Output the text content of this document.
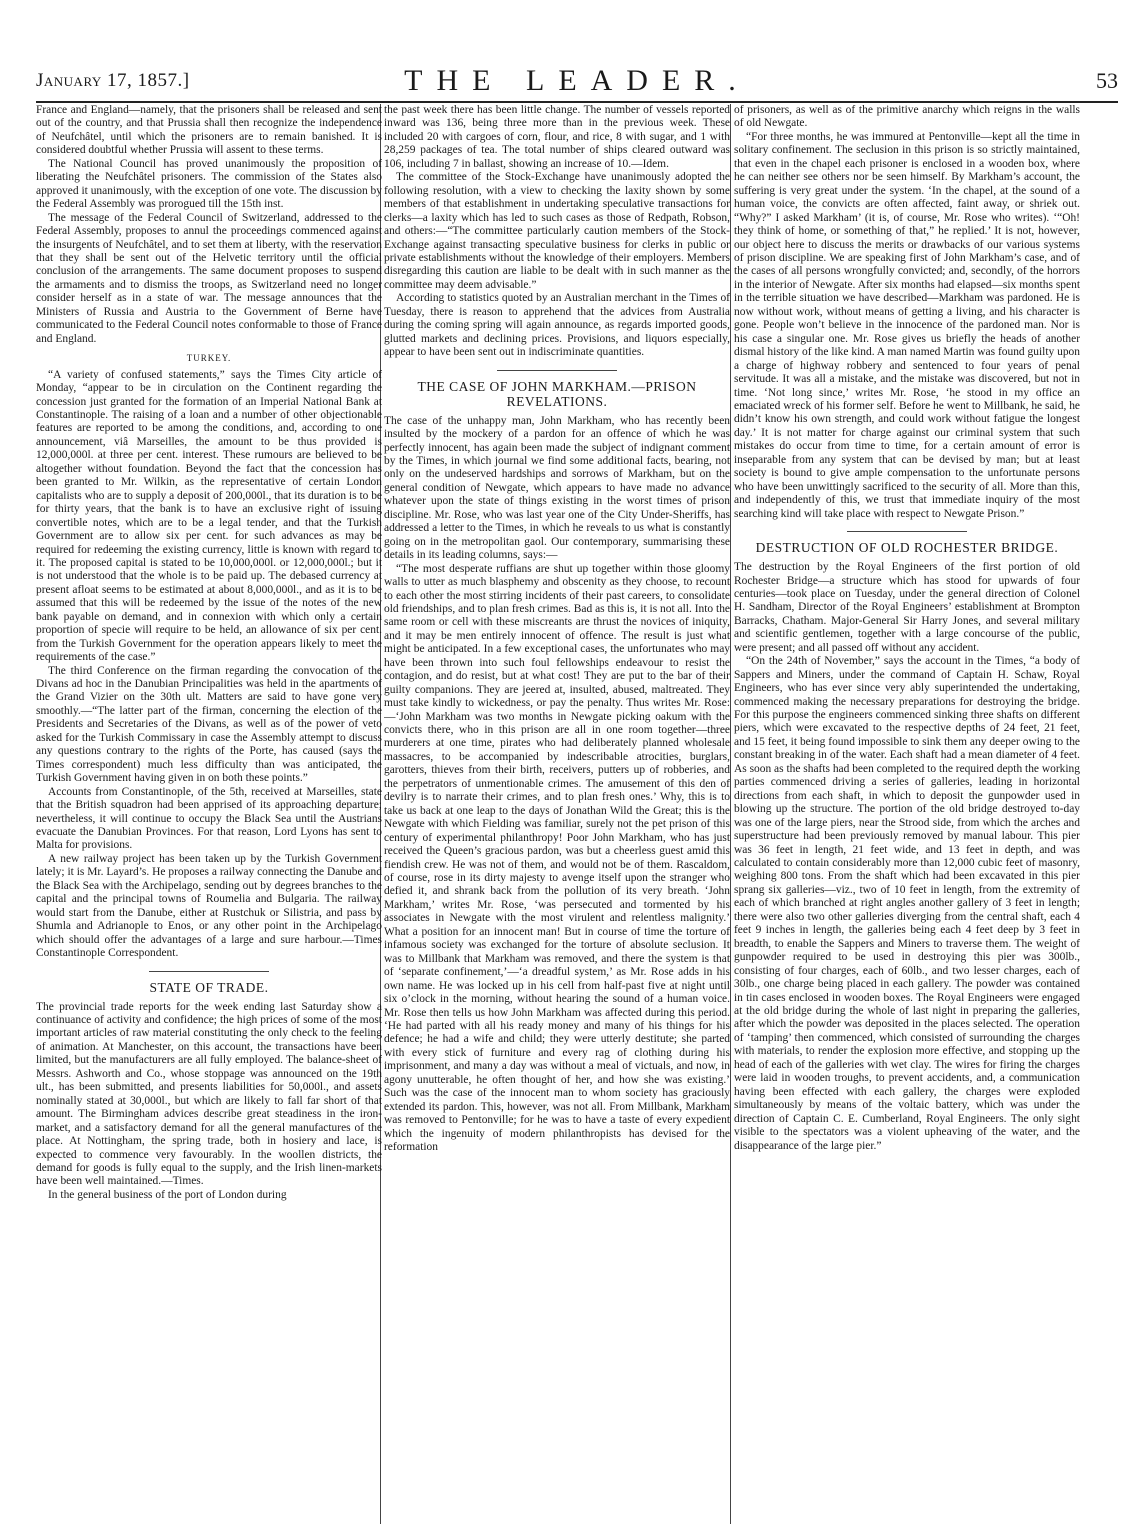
January 17, 1857.]	THE LEADER.	53

France and England—namely, that the prisoners shall be released and sent out of the country, and that Prussia shall then recognize the independence of Neufchâtel, until which the prisoners are to remain banished. It is considered doubtful whether Prussia will assent to these terms.

The National Council has proved unanimously the proposition of liberating the Neufchâtel prisoners. The commission of the States also approved it unanimously, with the exception of one vote. The discussion by the Federal Assembly was prorogued till the 15th inst.

The message of the Federal Council of Switzerland, addressed to the Federal Assembly, proposes to annul the proceedings commenced against the insurgents of Neufchâtel, and to set them at liberty, with the reservation that they shall be sent out of the Helvetic territory until the official conclusion of the arrangements. The same document proposes to suspend the armaments and to dismiss the troops, as Switzerland need no longer consider herself as in a state of war. The message announces that the Ministers of Russia and Austria to the Government of Berne have communicated to the Federal Council notes conformable to those of France and England.

TURKEY.

“A variety of confused statements,” says the Times City article of Monday, “appear to be in circulation on the Continent regarding the concession just granted for the formation of an Imperial National Bank at Constantinople. The raising of a loan and a number of other objectionable features are reported to be among the conditions, and, according to one announcement, viâ Marseilles, the amount to be thus provided is 12,000,000l. at three per cent. interest. These rumours are believed to be altogether without foundation. Beyond the fact that the concession has been granted to Mr. Wilkin, as the representative of certain London capitalists who are to supply a deposit of 200,000l., that its duration is to be for thirty years, that the bank is to have an exclusive right of issuing convertible notes, which are to be a legal tender, and that the Turkish Government are to allow six per cent. for such advances as may be required for redeeming the existing currency, little is known with regard to it. The proposed capital is stated to be 10,000,000l. or 12,000,000l.; but it is not understood that the whole is to be paid up. The debased currency at present afloat seems to be estimated at about 8,000,000l., and as it is to be assumed that this will be redeemed by the issue of the notes of the new bank payable on demand, and in connexion with which only a certain proportion of specie will require to be held, an allowance of six per cent. from the Turkish Government for the operation appears likely to meet the requirements of the case.”

The third Conference on the firman regarding the convocation of the Divans ad hoc in the Danubian Principalities was held in the apartments of the Grand Vizier on the 30th ult. Matters are said to have gone very smoothly.—“The latter part of the firman, concerning the election of the Presidents and Secretaries of the Divans, as well as of the power of veto asked for the Turkish Commissary in case the Assembly attempt to discuss any questions contrary to the rights of the Porte, has caused (says the Times correspondent) much less difficulty than was anticipated, the Turkish Government having given in on both these points.”

Accounts from Constantinople, of the 5th, received at Marseilles, state that the British squadron had been apprised of its approaching departure; nevertheless, it will continue to occupy the Black Sea until the Austrians evacuate the Danubian Provinces. For that reason, Lord Lyons has sent to Malta for provisions.

A new railway project has been taken up by the Turkish Government lately; it is Mr. Layard’s. He proposes a railway connecting the Danube and the Black Sea with the Archipelago, sending out by degrees branches to the capital and the principal towns of Roumelia and Bulgaria. The railway would start from the Danube, either at Rustchuk or Silistria, and pass by Shumla and Adrianople to Enos, or any other point in the Archipelago which should offer the advantages of a large and sure harbour.—Times Constantinople Correspondent.

STATE OF TRADE.

The provincial trade reports for the week ending last Saturday show a continuance of activity and confidence; the high prices of some of the most important articles of raw material constituting the only check to the feeling of animation. At Manchester, on this account, the transactions have been limited, but the manufacturers are all fully employed. The balance-sheet of Messrs. Ashworth and Co., whose stoppage was announced on the 19th ult., has been submitted, and presents liabilities for 50,000l., and assets nominally stated at 30,000l., but which are likely to fall far short of that amount. The Birmingham advices describe great steadiness in the iron-market, and a satisfactory demand for all the general manufactures of the place. At Nottingham, the spring trade, both in hosiery and lace, is expected to commence very favourably. In the woollen districts, the demand for goods is fully equal to the supply, and the Irish linen-markets have been well maintained.—Times.

In the general business of the port of London during

the past week there has been little change. The number of vessels reported inward was 136, being three more than in the previous week. These included 20 with cargoes of corn, flour, and rice, 8 with sugar, and 1 with 28,259 packages of tea. The total number of ships cleared outward was 106, including 7 in ballast, showing an increase of 10.—Idem.

The committee of the Stock-Exchange have unanimously adopted the following resolution, with a view to checking the laxity shown by some members of that establishment in undertaking speculative transactions for clerks—a laxity which has led to such cases as those of Redpath, Robson, and others:—“The committee particularly caution members of the Stock-Exchange against transacting speculative business for clerks in public or private establishments without the knowledge of their employers. Members disregarding this caution are liable to be dealt with in such manner as the committee may deem advisable.”

According to statistics quoted by an Australian merchant in the Times of Tuesday, there is reason to apprehend that the advices from Australia during the coming spring will again announce, as regards imported goods, glutted markets and declining prices. Provisions, and liquors especially, appear to have been sent out in indiscriminate quantities.

THE CASE OF JOHN MARKHAM.—PRISON REVELATIONS.

The case of the unhappy man, John Markham, who has recently been insulted by the mockery of a pardon for an offence of which he was perfectly innocent, has again been made the subject of indignant comment by the Times, in which journal we find some additional facts, bearing, not only on the undeserved hardships and sorrows of Markham, but on the general condition of Newgate, which appears to have made no advance whatever upon the state of things existing in the worst times of prison discipline. Mr. Rose, who was last year one of the City Under-Sheriffs, has addressed a letter to the Times, in which he reveals to us what is constantly going on in the metropolitan gaol. Our contemporary, summarising these details in its leading columns, says:—

“The most desperate ruffians are shut up together within those gloomy walls to utter as much blasphemy and obscenity as they choose, to recount to each other the most stirring incidents of their past careers, to consolidate old friendships, and to plan fresh crimes. Bad as this is, it is not all. Into the same room or cell with these miscreants are thrust the novices of iniquity, and it may be men entirely innocent of offence. The result is just what might be anticipated. In a few exceptional cases, the unfortunates who may have been thrown into such foul fellowships endeavour to resist the contagion, and do resist, but at what cost! They are put to the bar of their guilty companions. They are jeered at, insulted, abused, maltreated. They must take kindly to wickedness, or pay the penalty. Thus writes Mr. Rose:—‘John Markham was two months in Newgate picking oakum with the convicts there, who in this prison are all in one room together—three murderers at one time, pirates who had deliberately planned wholesale massacres, to be accompanied by indescribable atrocities, burglars, garotters, thieves from their birth, receivers, putters up of robberies, and the perpetrators of unmentionable crimes. The amusement of this den of devilry is to narrate their crimes, and to plan fresh ones.’ Why, this is to take us back at one leap to the days of Jonathan Wild the Great; this is the Newgate with which Fielding was familiar, surely not the pet prison of this century of experimental philanthropy! Poor John Markham, who has just received the Queen’s gracious pardon, was but a cheerless guest amid this fiendish crew. He was not of them, and would not be of them. Rascaldom, of course, rose in its dirty majesty to avenge itself upon the stranger who defied it, and shrank back from the pollution of its very breath. ‘John Markham,’ writes Mr. Rose, ‘was persecuted and tormented by his associates in Newgate with the most virulent and relentless malignity.’ What a position for an innocent man! But in course of time the torture of infamous society was exchanged for the torture of absolute seclusion. It was to Millbank that Markham was removed, and there the system is that of ‘separate confinement,’—‘a dreadful system,’ as Mr. Rose adds in his own name. He was locked up in his cell from half-past five at night until six o’clock in the morning, without hearing the sound of a human voice. Mr. Rose then tells us how John Markham was affected during this period. ‘He had parted with all his ready money and many of his things for his defence; he had a wife and child; they were utterly destitute; she parted with every stick of furniture and every rag of clothing during his imprisonment, and many a day was without a meal of victuals, and now, in agony unutterable, he often thought of her, and how she was existing.’ Such was the case of the innocent man to whom society has graciously extended its pardon. This, however, was not all. From Millbank, Markham was removed to Pentonville; for he was to have a taste of every expedient which the ingenuity of modern philanthropists has devised for the reformation

of prisoners, as well as of the primitive anarchy which reigns in the walls of old Newgate.

“For three months, he was immured at Pentonville—kept all the time in solitary confinement. The seclusion in this prison is so strictly maintained, that even in the chapel each prisoner is enclosed in a wooden box, where he can neither see others nor be seen himself. By Markham’s account, the suffering is very great under the system. ‘In the chapel, at the sound of a human voice, the convicts are often affected, faint away, or shriek out. “Why?” I asked Markham’ (it is, of course, Mr. Rose who writes). ‘“Oh! they think of home, or something of that,” he replied.’ It is not, however, our object here to discuss the merits or drawbacks of our various systems of prison discipline. We are speaking first of John Markham’s case, and of the cases of all persons wrongfully convicted; and, secondly, of the horrors in the interior of Newgate. After six months had elapsed—six months spent in the terrible situation we have described—Markham was pardoned. He is now without work, without means of getting a living, and his character is gone. People won’t believe in the innocence of the pardoned man. Nor is his case a singular one. Mr. Rose gives us briefly the heads of another dismal history of the like kind. A man named Martin was found guilty upon a charge of highway robbery and sentenced to four years of penal servitude. It was all a mistake, and the mistake was discovered, but not in time. ‘Not long since,’ writes Mr. Rose, ‘he stood in my office an emaciated wreck of his former self. Before he went to Millbank, he said, he didn’t know his own strength, and could work without fatigue the longest day.’ It is not matter for charge against our criminal system that such mistakes do occur from time to time, for a certain amount of error is inseparable from any system that can be devised by man; but at least society is bound to give ample compensation to the unfortunate persons who have been unwittingly sacrificed to the security of all. More than this, and independently of this, we trust that immediate inquiry of the most searching kind will take place with respect to Newgate Prison.”

DESTRUCTION OF OLD ROCHESTER BRIDGE.

The destruction by the Royal Engineers of the first portion of old Rochester Bridge—a structure which has stood for upwards of four centuries—took place on Tuesday, under the general direction of Colonel H. Sandham, Director of the Royal Engineers’ establishment at Brompton Barracks, Chatham. Major-General Sir Harry Jones, and several military and scientific gentlemen, together with a large concourse of the public, were present; and all passed off without any accident.

“On the 24th of November,” says the account in the Times, “a body of Sappers and Miners, under the command of Captain H. Schaw, Royal Engineers, who has ever since very ably superintended the undertaking, commenced making the necessary preparations for destroying the bridge. For this purpose the engineers commenced sinking three shafts on different piers, which were excavated to the respective depths of 24 feet, 21 feet, and 15 feet, it being found impossible to sink them any deeper owing to the constant breaking in of the water. Each shaft had a mean diameter of 4 feet. As soon as the shafts had been completed to the required depth the working parties commenced driving a series of galleries, leading in horizontal directions from each shaft, in which to deposit the gunpowder used in blowing up the structure. The portion of the old bridge destroyed to-day was one of the large piers, near the Strood side, from which the arches and superstructure had been previously removed by manual labour. This pier was 36 feet in length, 21 feet wide, and 13 feet in depth, and was calculated to contain considerably more than 12,000 cubic feet of masonry, weighing 800 tons. From the shaft which had been excavated in this pier sprang six galleries—viz., two of 10 feet in length, from the extremity of each of which branched at right angles another gallery of 3 feet in length; there were also two other galleries diverging from the central shaft, each 4 feet 9 inches in length, the galleries being each 4 feet deep by 3 feet in breadth, to enable the Sappers and Miners to traverse them. The weight of gunpowder required to be used in destroying this pier was 300lb., consisting of four charges, each of 60lb., and two lesser charges, each of 30lb., one charge being placed in each gallery. The powder was contained in tin cases enclosed in wooden boxes. The Royal Engineers were engaged at the old bridge during the whole of last night in preparing the galleries, after which the powder was deposited in the places selected. The operation of ‘tamping’ then commenced, which consisted of surrounding the charges with materials, to render the explosion more effective, and stopping up the head of each of the galleries with wet clay. The wires for firing the charges were laid in wooden troughs, to prevent accidents, and, a communication having been effected with each gallery, the charges were exploded simultaneously by means of the voltaic battery, which was under the direction of Captain C. E. Cumberland, Royal Engineers. The only sight visible to the spectators was a violent upheaving of the water, and the disappearance of the large pier.”
